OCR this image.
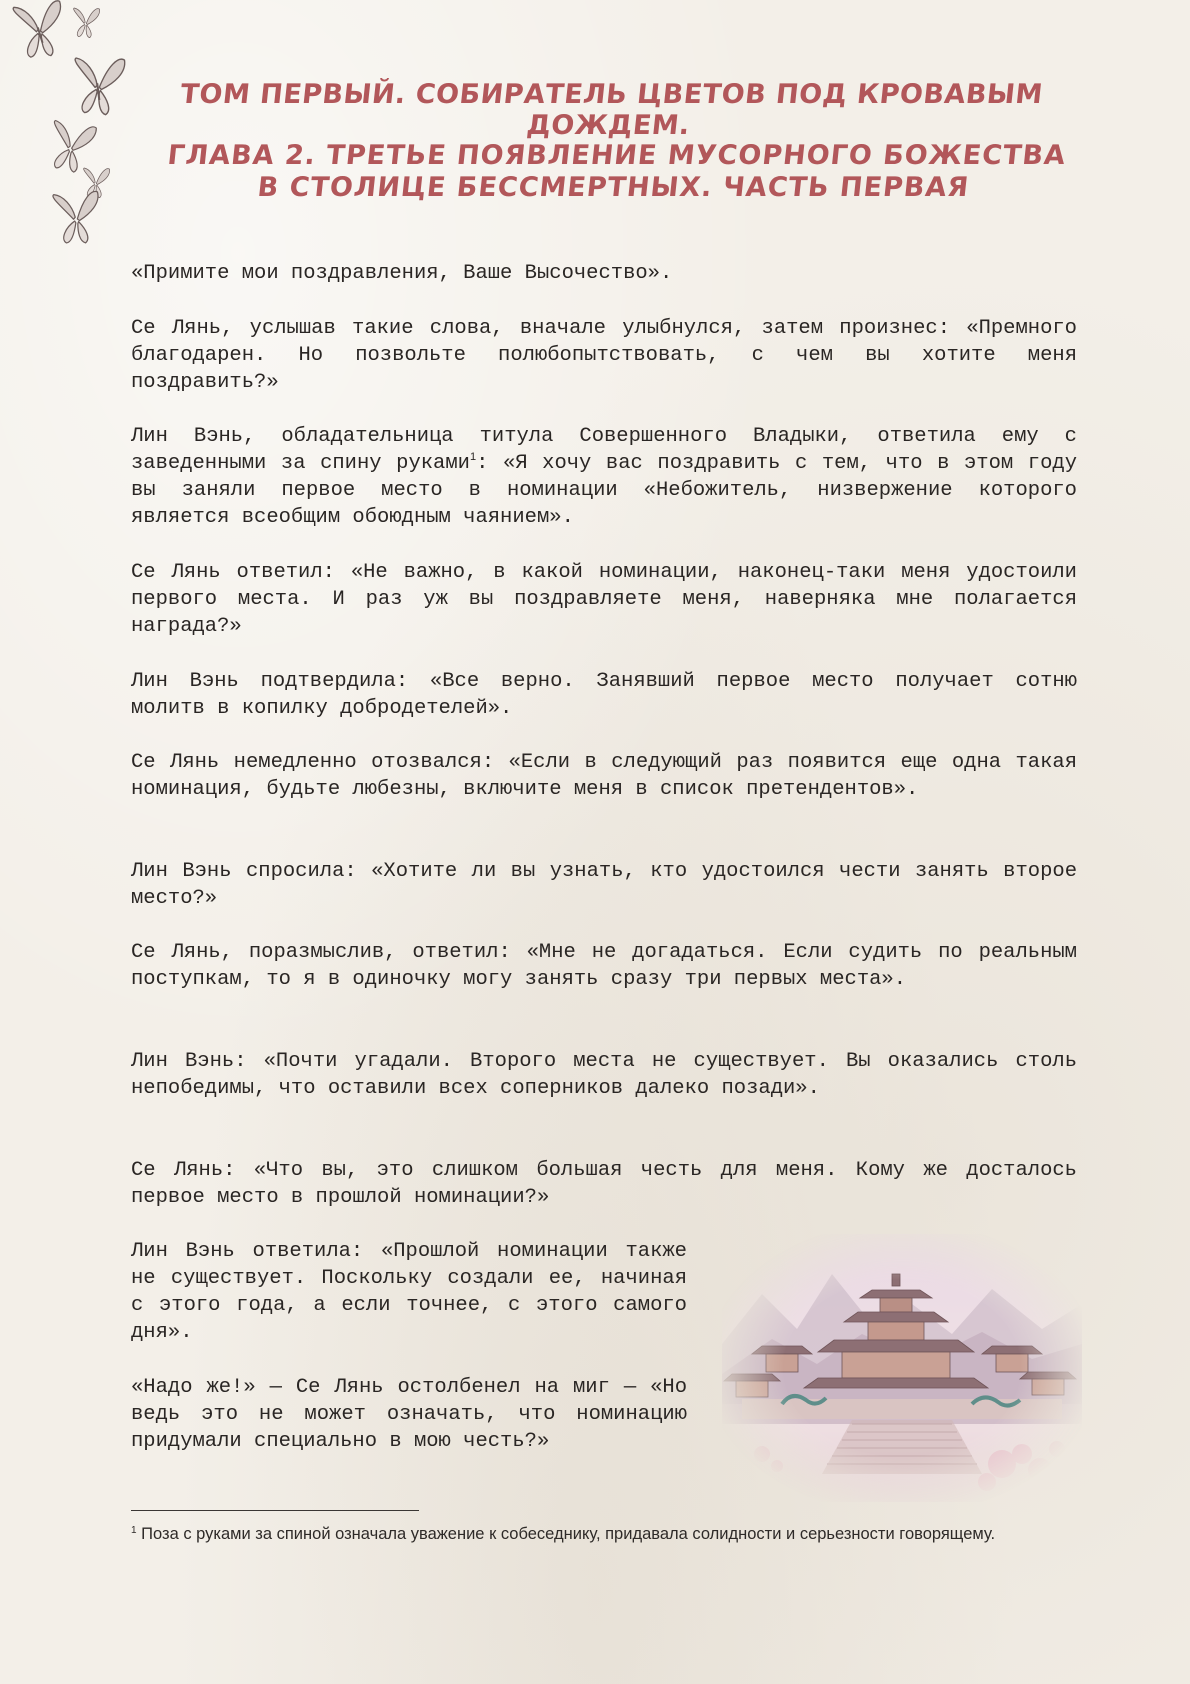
ТОМ ПЕРВЫЙ. СОБИРАТЕЛЬ ЦВЕТОВ ПОД КРОВАВЫМ ДОЖДЕМ.
ГЛАВА 2. ТРЕТЬЕ ПОЯВЛЕНИЕ МУСОРНОГО БОЖЕСТВА
В СТОЛИЦЕ БЕССМЕРТНЫХ. ЧАСТЬ ПЕРВАЯ

«Примите мои поздравления, Ваше Высочество».

Се Лянь, услышав такие слова, вначале улыбнулся, затем произнес: «Премного благодарен. Но позвольте полюбопытствовать, с чем вы хотите меня поздравить?»

Лин Вэнь, обладательница титула Совершенного Владыки, ответила ему с заведенными за спину руками$^1$: «Я хочу вас поздравить с тем, что в этом году вы заняли первое место в номинации «Небожитель, низвержение которого является всеобщим обоюдным чаянием».

Се Лянь ответил: «Не важно, в какой номинации, наконец-таки меня удостоили первого места. И раз уж вы поздравляете меня, наверняка мне полагается награда?»

Лин Вэнь подтвердила: «Все верно. Занявший первое место получает сотню молитв в копилку добродетелей».

Се Лянь немедленно отозвался: «Если в следующий раз появится еще одна такая номинация, будьте любезны, включите меня в список претендентов».

Лин Вэнь спросила: «Хотите ли вы узнать, кто удостоился чести занять второе место?»

Се Лянь, поразмыслив, ответил: «Мне не догадаться. Если судить по реальным поступкам, то я в одиночку могу занять сразу три первых места».

Лин Вэнь: «Почти угадали. Второго места не существует. Вы оказались столь непобедимы, что оставили всех соперников далеко позади».

Се Лянь: «Что вы, это слишком большая честь для меня. Кому же досталось первое место в прошлой номинации?»

Лин Вэнь ответила: «Прошлой номинации также не существует. Поскольку создали ее, начиная с этого года, а если точнее, с этого самого дня».

«Надо же!» — Се Лянь остолбенел на миг — «Но ведь это не может означать, что номинацию придумали специально в мою честь?»

$^1$ Поза с руками за спиной означала уважение к собеседнику, придавала солидности и серьезности говорящему.
